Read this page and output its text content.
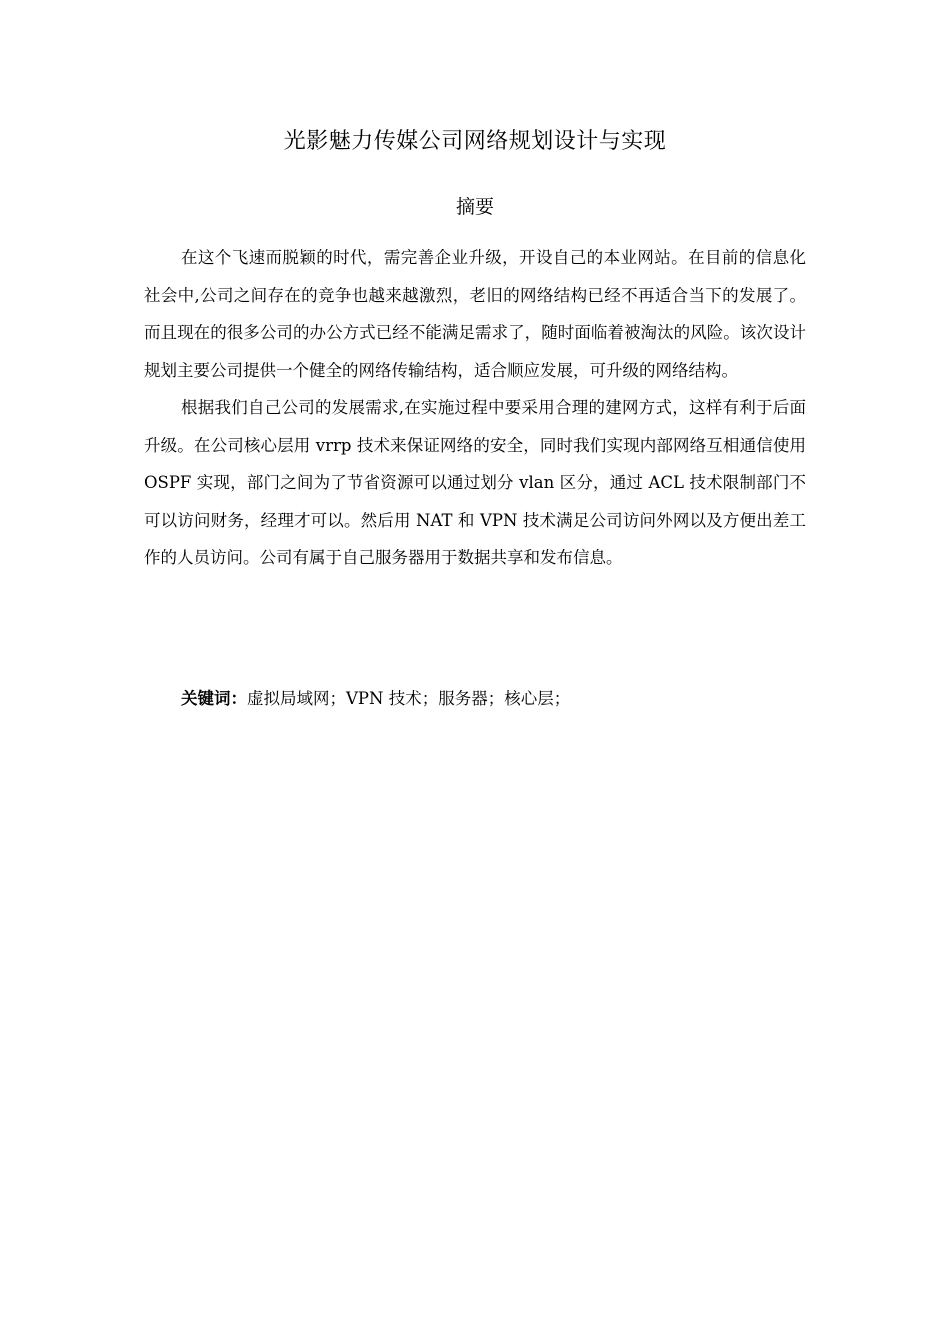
光影魅力传媒公司网络规划设计与实现
摘要

在这个飞速而脱颖的时代，需完善企业升级，开设自己的本业网站。在目前的信息化社会中,公司之间存在的竞争也越来越激烈，老旧的网络结构已经不再适合当下的发展了。而且现在的很多公司的办公方式已经不能满足需求了，随时面临着被淘汰的风险。该次设计规划主要公司提供一个健全的网络传输结构，适合顺应发展，可升级的网络结构。

根据我们自己公司的发展需求,在实施过程中要采用合理的建网方式，这样有利于后面升级。在公司核心层用 vrrp 技术来保证网络的安全，同时我们实现内部网络互相通信使用 OSPF 实现，部门之间为了节省资源可以通过划分 vlan 区分，通过 ACL 技术限制部门不可以访问财务，经理才可以。然后用 NAT 和 VPN 技术满足公司访问外网以及方便出差工作的人员访问。公司有属于自己服务器用于数据共享和发布信息。

关键词：虚拟局域网；VPN 技术；服务器；核心层；
